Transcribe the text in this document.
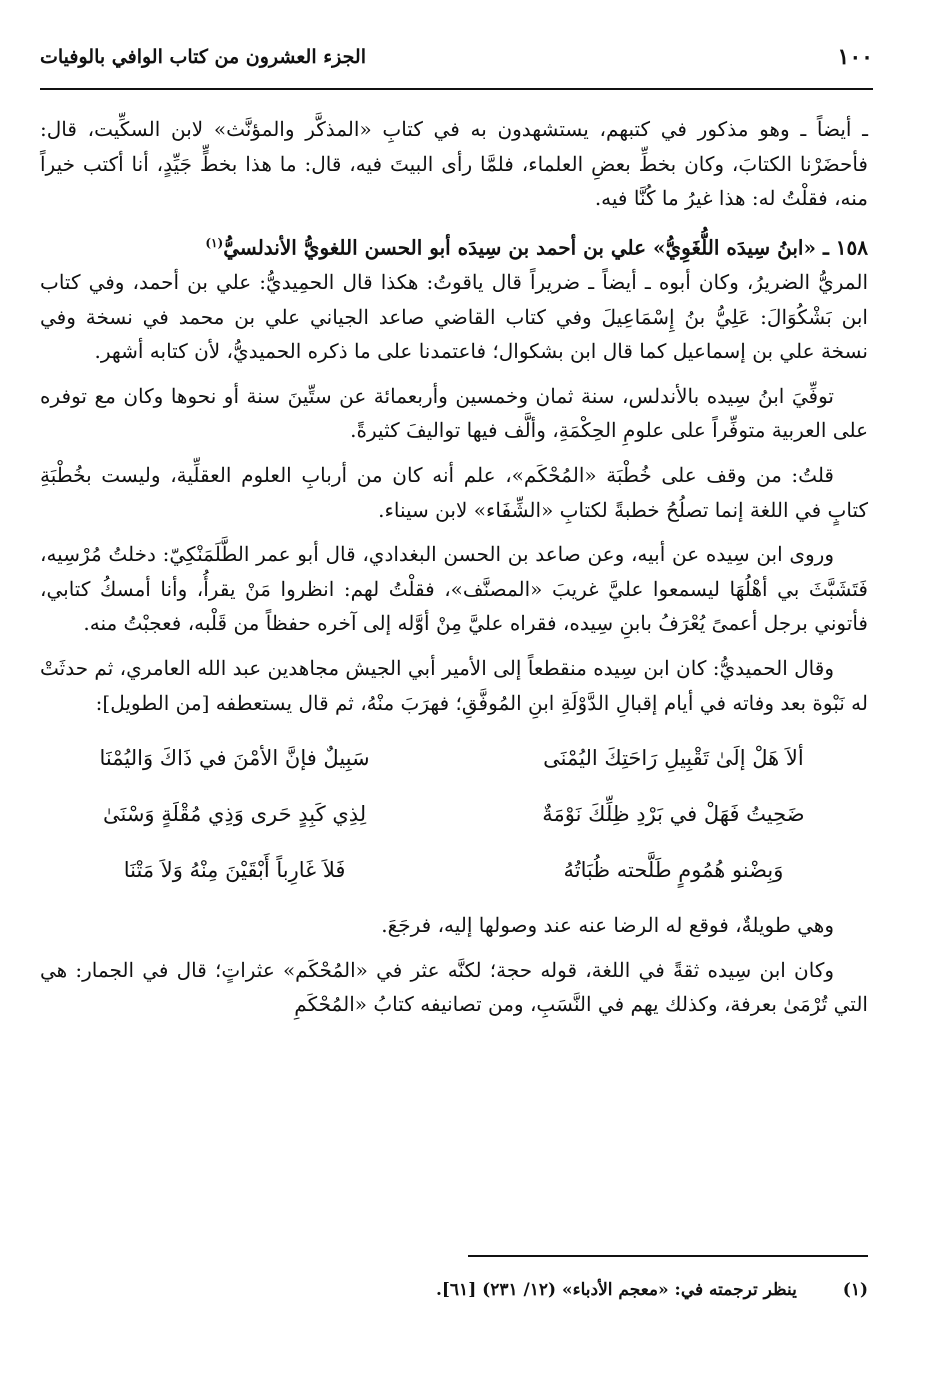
١٠٠
الجزء العشرون من كتاب الوافي بالوفيات

ـ أيضاً ـ وهو مذكور في كتبهم، يستشهدون به في كتابِ «المذكَّر والمؤنَّث» لابن السكِّيت، قال: فأحضَرْنا الكتابَ، وكان بخطِّ بعضِ العلماء، فلمَّا رأى البيتَ فيه، قال: ما هذا بخطٍّ جَيِّدٍ، أنا أكتب خيراً منه، فقلْتُ له: هذا غيرُ ما كُنَّا فيه.

١٥٨ ـ «ابنُ سِيدَه اللُّغَوِيُّ» علي بن أحمد بن سِيدَه أبو الحسن اللغويُّ الأندلسيُّ$^{(١)}$

المريُّ الضريرُ، وكان أبوه ـ أيضاً ـ ضريراً قال ياقوتُ: هكذا قال الحمِيديُّ: علي بن أحمد، وفي كتاب ابن بَشْكُوَالَ: عَلِيُّ بنُ إِسْمَاعِيلَ وفي كتاب القاضي صاعد الجياني علي بن محمد في نسخة وفي نسخة علي بن إسماعيل كما قال ابن بشكوال؛ فاعتمدنا على ما ذكره الحميديُّ، لأن كتابه أشهر.

توفِّيَ ابنُ سِيده بالأندلس، سنة ثمان وخمسين وأربعمائة عن ستِّينَ سنة أو نحوها وكان مع توفره على العربية متوفِّراً على علومِ الحِكْمَةِ، وألَّف فيها تواليفَ كثيرةً.

قلتُ: من وقف على خُطْبَة «المُحْكَم»، علم أنه كان من أربابِ العلوم العقلِّية، وليست بخُطْبَةِ كتابٍ في اللغة إنما تصلُحُ خطبةً لكتابِ «الشِّفَاء» لابن سيناء.

وروى ابن سِيده عن أبيه، وعن صاعد بن الحسن البغدادي، قال أبو عمر الطَّلَمَنْكِيّ: دخلتُ مُرْسِيه، فَتَشَبَّثَ بي أهْلُهَا ليسمعوا عليَّ غريبَ «المصنَّف»، فقلْتُ لهم: انظروا مَنْ يقرأُ، وأنا أمسكُ كتابي، فأتوني برجل أعمىً يُعْرَفُ بابنِ سِيده، فقراه عليَّ مِنْ أوَّله إلى آخره حفظاً من قَلْبه، فعجبْتُ منه.

وقال الحميديُّ: كان ابن سِيده منقطعاً إلى الأمير أبي الجيش مجاهدين عبد الله العامري، ثم حدثَتْ له نَبْوة بعد وفاته في أيام إقبالِ الدَّوْلَةِ ابنِ المُوفَّقِ؛ فهرَبَ منْهُ، ثم قال يستعطفه [من الطويل]:

ألاَ هَلْ إلَىٰ تَقْبِيلِ رَاحَتِكَ اليُمْنَى
سَبِيلٌ فإنَّ الأمْنَ في ذَاكَ وَاليُمْنَا
ضَحِيتُ فَهَلْ في بَرْدِ ظِلِّكَ نَوْمَةٌ
لِذِي كَبِدٍ حَرى وَذِي مُقْلَةٍ وَسْنَىٰ
وَبِضْنو هُمُومٍ طَلَّحته ظُبَاتُهُ
فَلاَ غَارِباً أَبْقَيْنَ مِنْهُ وَلاَ مَتْنَا

وهي طويلةٌ، فوقع له الرضا عنه عند وصولها إليه، فرجَعَ.

وكان ابن سِيده ثقةً في اللغة، قوله حجة؛ لكنَّه عثر في «المُحْكَم» عثراتٍ؛ قال في الجمار: هي التي تُرْمَىٰ بعرفة، وكذلك يهم في النَّسَبِ، ومن تصانيفه كتابُ «المُحْكَمِ

(١) ينظر ترجمته في: «معجم الأدباء» (١٢/ ٢٣١) [٦١].
